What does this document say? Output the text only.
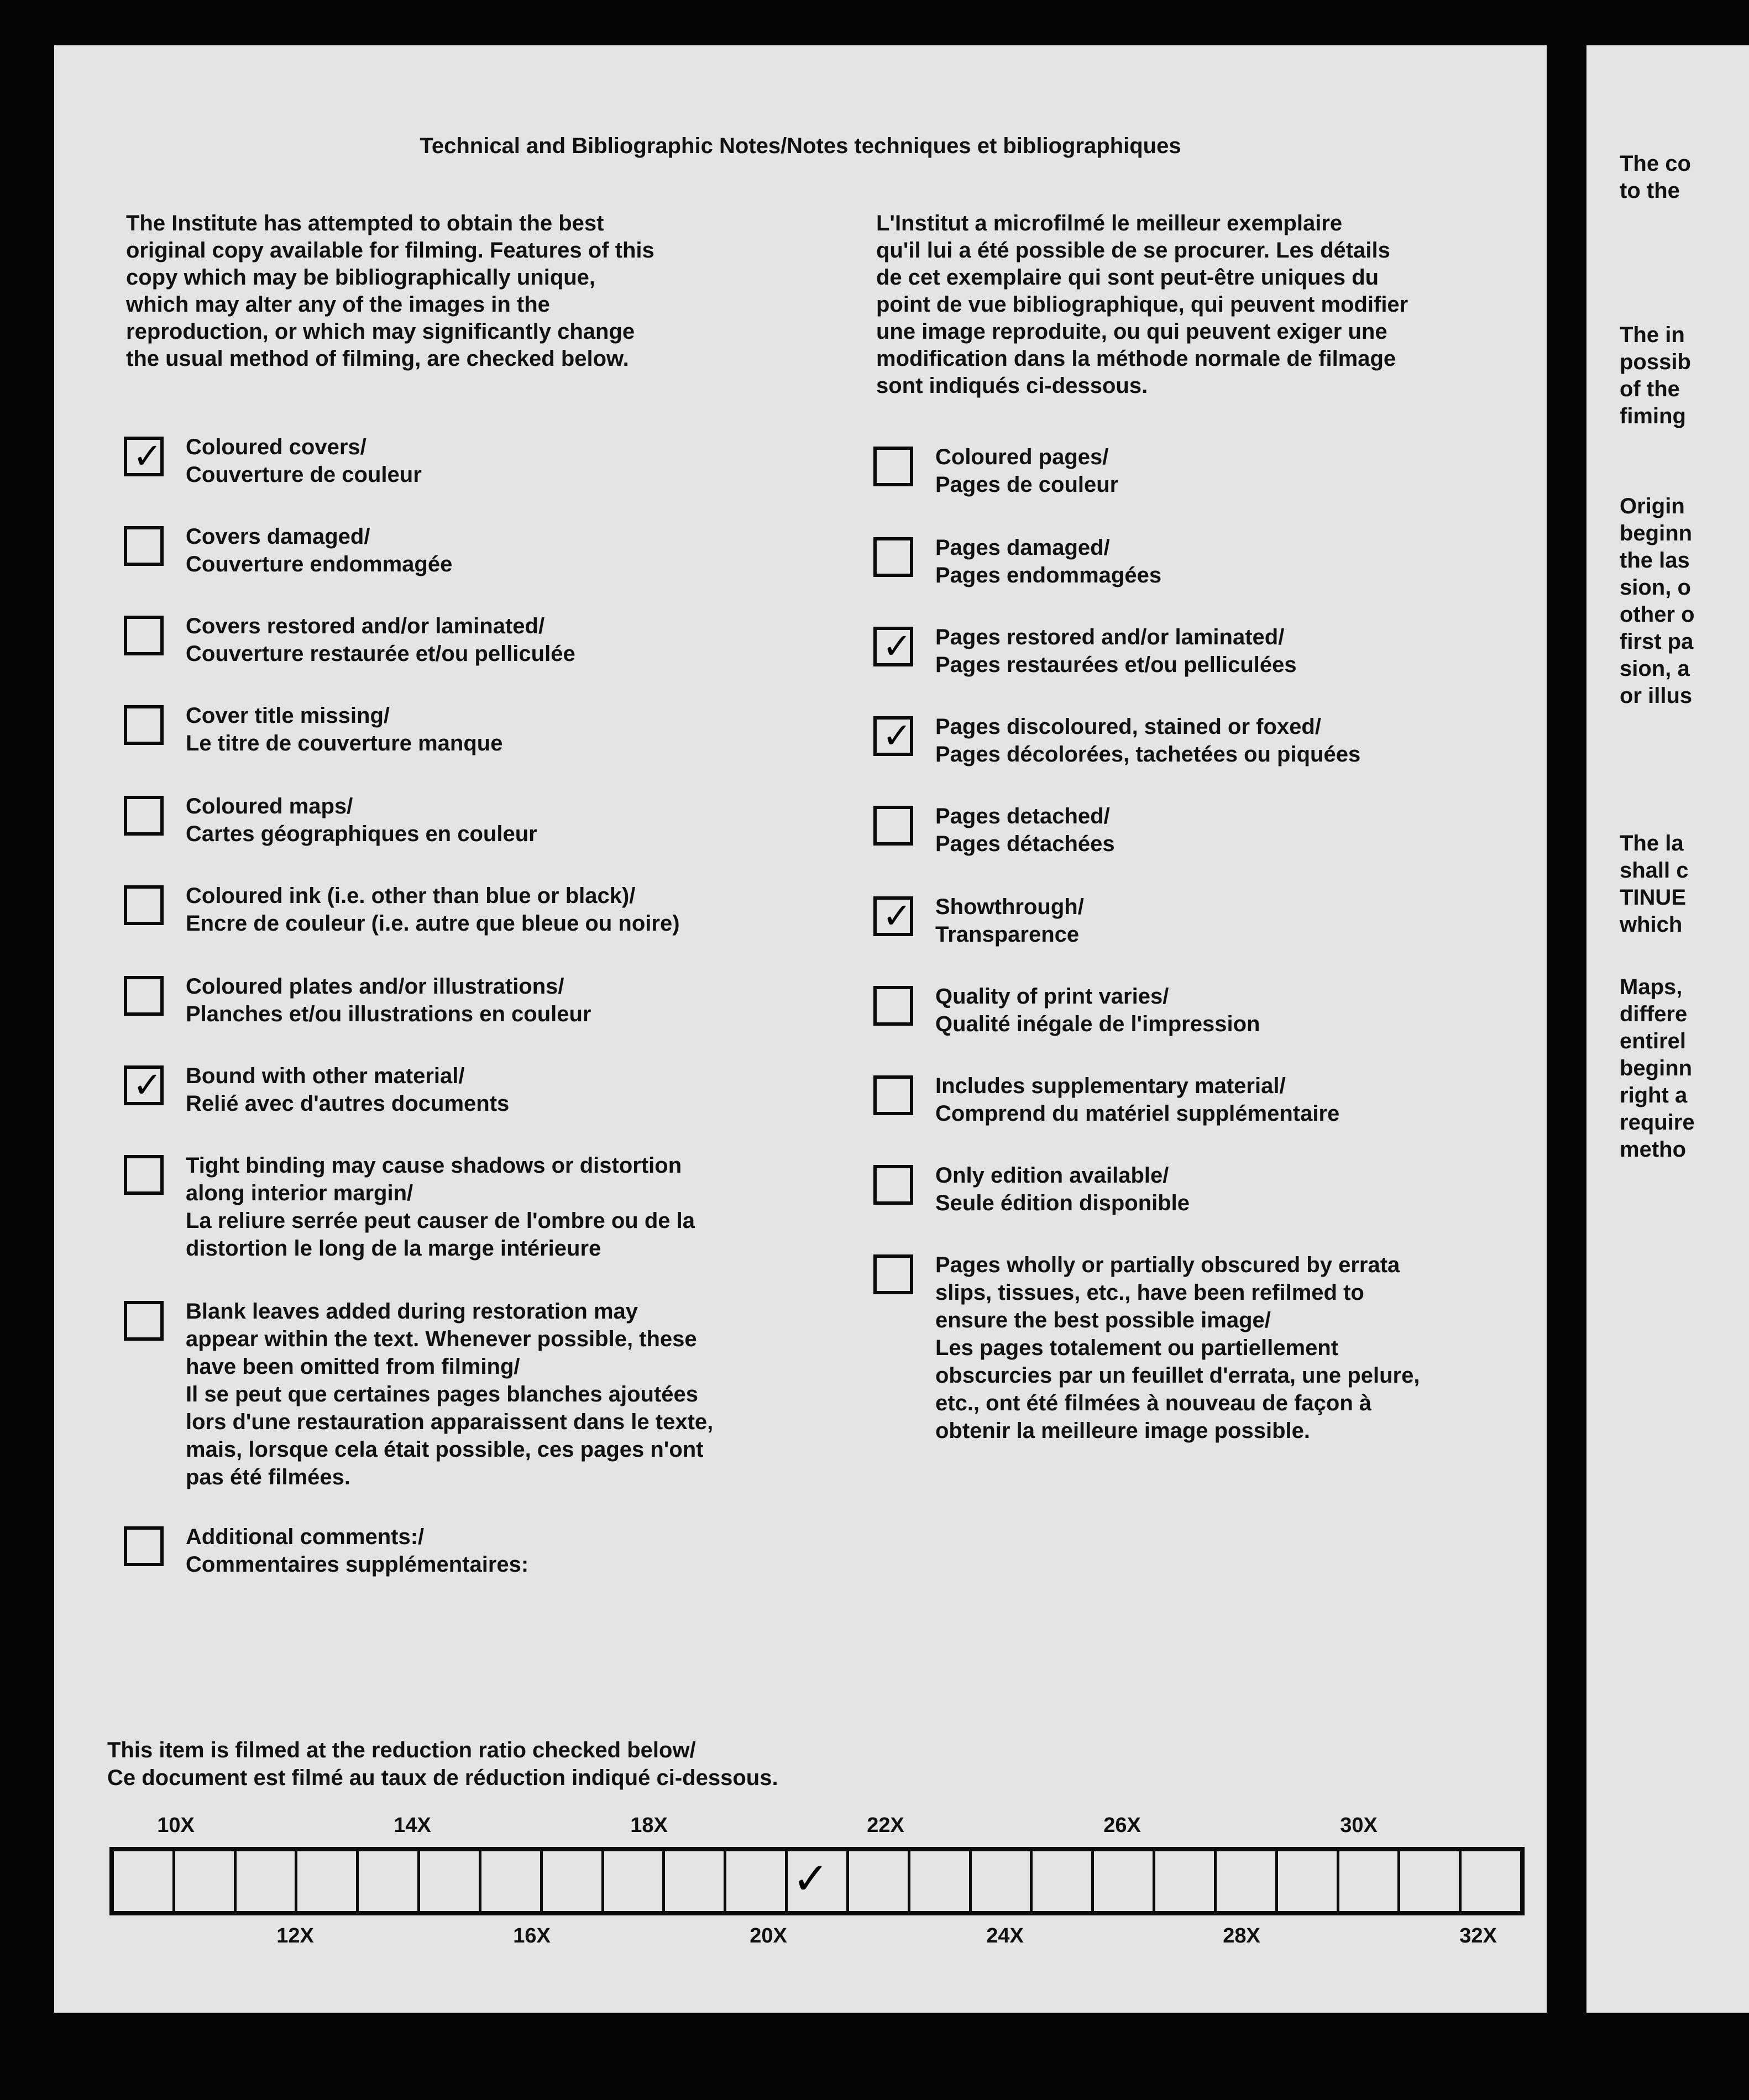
Technical and Bibliographic Notes/Notes techniques et bibliographiques

The Institute has attempted to obtain the best
original copy available for filming. Features of this
copy which may be bibliographically unique,
which may alter any of the images in the
reproduction, or which may significantly change
the usual method of filming, are checked below.

L'Institut a microfilmé le meilleur exemplaire
qu'il lui a été possible de se procurer. Les détails
de cet exemplaire qui sont peut-être uniques du
point de vue bibliographique, qui peuvent modifier
une image reproduite, ou qui peuvent exiger une
modification dans la méthode normale de filmage
sont indiqués ci-dessous.

✓ Coloured covers/
Couverture de couleur

Covers damaged/
Couverture endommagée

Covers restored and/or laminated/
Couverture restaurée et/ou pelliculée

Cover title missing/
Le titre de couverture manque

Coloured maps/
Cartes géographiques en couleur

Coloured ink (i.e. other than blue or black)/
Encre de couleur (i.e. autre que bleue ou noire)

Coloured plates and/or illustrations/
Planches et/ou illustrations en couleur

✓ Bound with other material/
Relié avec d'autres documents

Tight binding may cause shadows or distortion
along interior margin/
La reliure serrée peut causer de l'ombre ou de la
distortion le long de la marge intérieure

Blank leaves added during restoration may
appear within the text. Whenever possible, these
have been omitted from filming/
Il se peut que certaines pages blanches ajoutées
lors d'une restauration apparaissent dans le texte,
mais, lorsque cela était possible, ces pages n'ont
pas été filmées.

Additional comments:/
Commentaires supplémentaires:

Coloured pages/
Pages de couleur

Pages damaged/
Pages endommagées

✓ Pages restored and/or laminated/
Pages restaurées et/ou pelliculées

✓ Pages discoloured, stained or foxed/
Pages décolorées, tachetées ou piquées

Pages detached/
Pages détachées

✓ Showthrough/
Transparence

Quality of print varies/
Qualité inégale de l'impression

Includes supplementary material/
Comprend du matériel supplémentaire

Only edition available/
Seule édition disponible

Pages wholly or partially obscured by errata
slips, tissues, etc., have been refilmed to
ensure the best possible image/
Les pages totalement ou partiellement
obscurcies par un feuillet d'errata, une pelure,
etc., ont été filmées à nouveau de façon à
obtenir la meilleure image possible.

This item is filmed at the reduction ratio checked below/
Ce document est filmé au taux de réduction indiqué ci-dessous.

10X	14X	18X	22X	26X	30X
✓
12X	16X	20X	24X	28X	32X

The co
to the

The in
possib
of the
fiming

Origin
beginn
the las
sion, o
other o
first pa
sion, a
or illus

The la
shall c
TINUE
which

Maps,
differe
entirel
beginn
right a
require
metho
